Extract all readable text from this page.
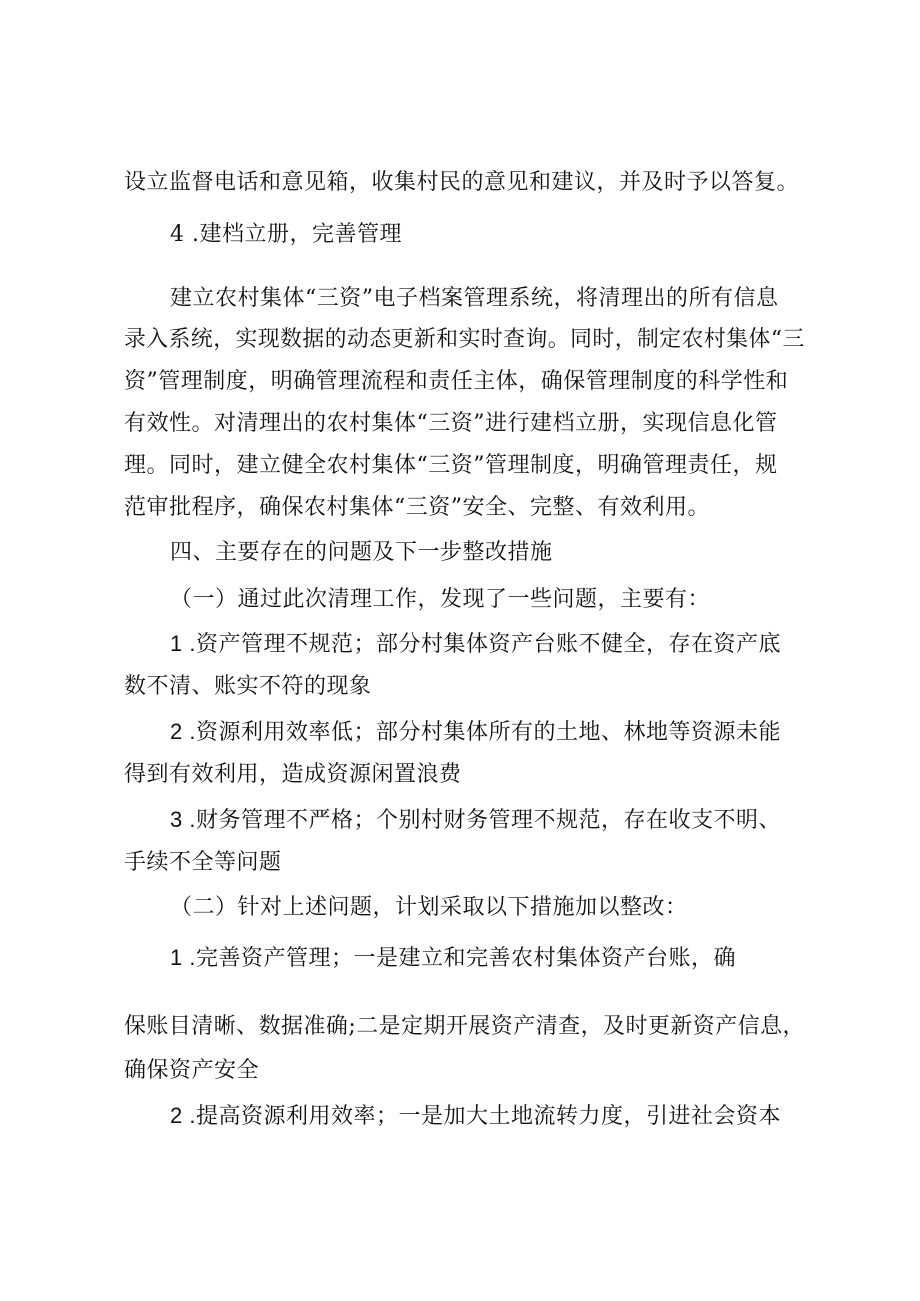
设立监督电话和意见箱，收集村民的意见和建议，并及时予以答复。

4 .建档立册，完善管理

建立农村集体“三资”电子档案管理系统，将清理出的所有信息

录入系统，实现数据的动态更新和实时查询。同时，制定农村集体“三

资”管理制度，明确管理流程和责任主体，确保管理制度的科学性和

有效性。对清理出的农村集体“三资”进行建档立册，实现信息化管

理。同时，建立健全农村集体“三资”管理制度，明确管理责任，规

范审批程序，确保农村集体“三资”安全、完整、有效利用。

四、主要存在的问题及下一步整改措施

（一）通过此次清理工作，发现了一些问题，主要有：

1 .资产管理不规范；部分村集体资产台账不健全，存在资产底

数不清、账实不符的现象

2 .资源利用效率低；部分村集体所有的土地、林地等资源未能

得到有效利用，造成资源闲置浪费

3 .财务管理不严格；个别村财务管理不规范，存在收支不明、

手续不全等问题

（二）针对上述问题，计划采取以下措施加以整改：

1 .完善资产管理；一是建立和完善农村集体资产台账，确

保账目清晰、数据准确;二是定期开展资产清查，及时更新资产信息，

确保资产安全

2 .提高资源利用效率；一是加大土地流转力度，引进社会资本
